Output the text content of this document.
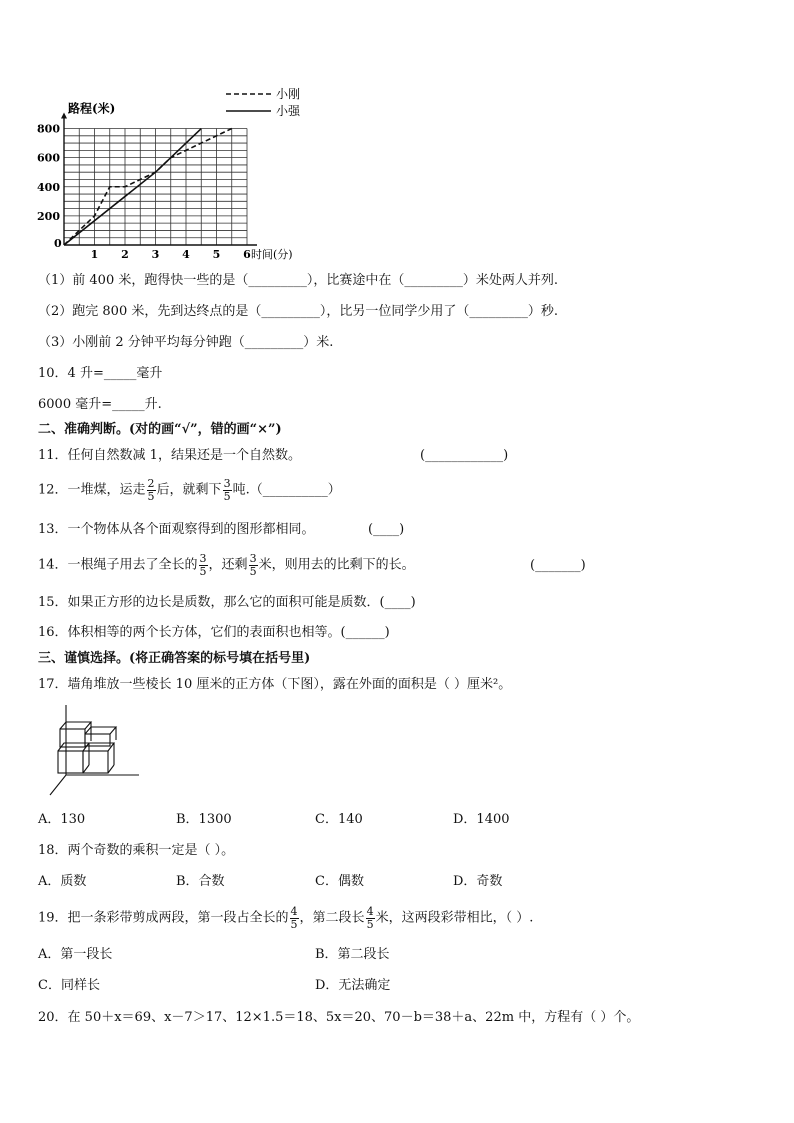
200
400
600
800
0
1 2 3 4 5 6 时间(分)
路程(米)
小刚
小强
（1）前 400 米，跑得快一些的是（_________），比赛途中在（_________）米处两人并列.
（2）跑完 800 米，先到达终点的是（_________），比另一位同学少用了（_________）秒.
（3）小刚前 2 分钟平均每分钟跑（_________）米.
10．4 升=_____毫升
6000 毫升=_____升.
二、准确判断。(对的画“√”，错的画“×”)
11．任何自然数减 1，结果还是一个自然数。	(____________)
12．一堆煤，运走 $\frac{2}{5}$ 后，就剩下 $\frac{3}{5}$ 吨.（__________）
13．一个物体从各个面观察得到的图形都相同。	(____)
14．一根绳子用去了全长的 $\frac{3}{5}$ ，还剩 $\frac{3}{5}$ 米，则用去的比剩下的长。	(_______)
15．如果正方形的边长是质数，那么它的面积可能是质数．(____)
16．体积相等的两个长方体，它们的表面积也相等。(______)
三、谨慎选择。(将正确答案的标号填在括号里)
17．墙角堆放一些棱长 10 厘米的正方体（下图），露在外面的面积是（ ）厘米²。
A．130	B．1300	C．140	D．1400
18．两个奇数的乘积一定是（ ）。
A．质数	B．合数	C．偶数	D．奇数
19．把一条彩带剪成两段，第一段占全长的 $\frac{4}{5}$ ，第二段长 $\frac{4}{5}$ 米，这两段彩带相比，（ ）.
A．第一段长	B．第二段长
C．同样长	D．无法确定
20．在 50＋x＝69、x－7＞17、12×1.5＝18、5x＝20、70－b＝38＋a、22m 中，方程有（ ）个。
